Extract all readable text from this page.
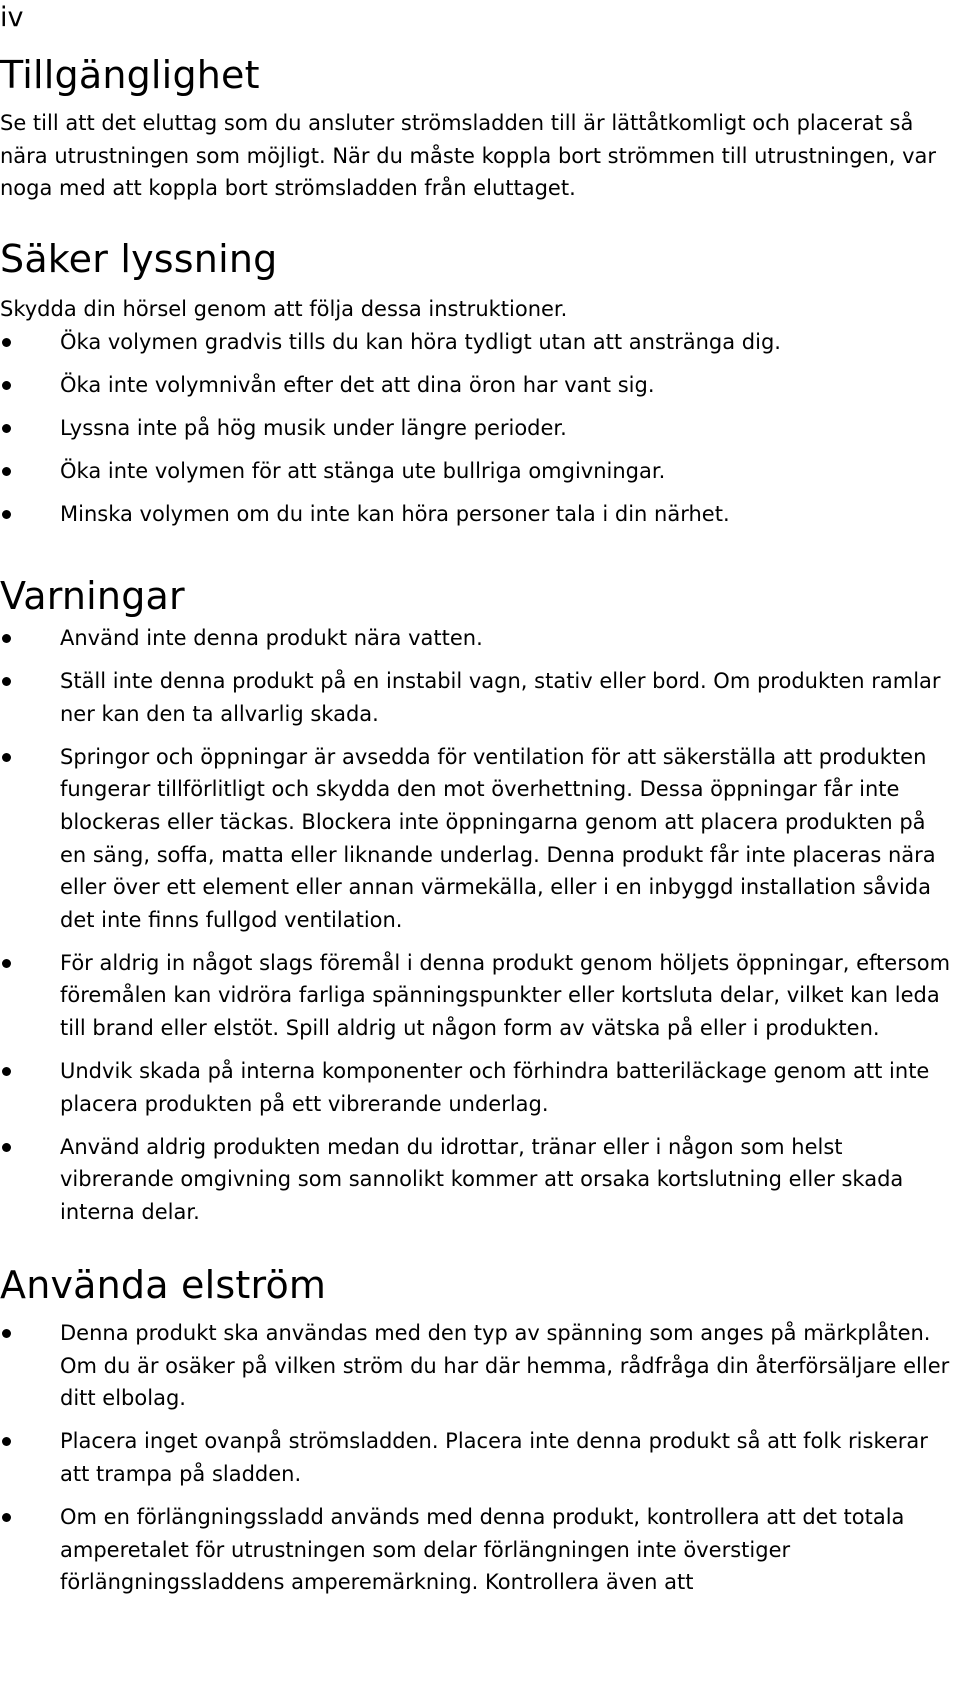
iv
Tillgänglighet

Se till att det eluttag som du ansluter strömsladden till är lättåtkomligt och placerat så nära utrustningen som möjligt. När du måste koppla bort strömmen till utrustningen, var noga med att koppla bort strömsladden från eluttaget.

Säker lyssning

Skydda din hörsel genom att följa dessa instruktioner.

Öka volymen gradvis tills du kan höra tydligt utan att anstränga dig.
Öka inte volymnivån efter det att dina öron har vant sig.
Lyssna inte på hög musik under längre perioder.
Öka inte volymen för att stänga ute bullriga omgivningar.
Minska volymen om du inte kan höra personer tala i din närhet.
Varningar
Använd inte denna produkt nära vatten.
Ställ inte denna produkt på en instabil vagn, stativ eller bord. Om produkten ramlar ner kan den ta allvarlig skada.
Springor och öppningar är avsedda för ventilation för att säkerställa att produkten fungerar tillförlitligt och skydda den mot överhettning. Dessa öppningar får inte blockeras eller täckas. Blockera inte öppningarna genom att placera produkten på en säng, soffa, matta eller liknande underlag. Denna produkt får inte placeras nära eller över ett element eller annan värmekälla, eller i en inbyggd installation såvida det inte finns fullgod ventilation.
För aldrig in något slags föremål i denna produkt genom höljets öppningar, eftersom föremålen kan vidröra farliga spänningspunkter eller kortsluta delar, vilket kan leda till brand eller elstöt. Spill aldrig ut någon form av vätska på eller i produkten.
Undvik skada på interna komponenter och förhindra batteriläckage genom att inte placera produkten på ett vibrerande underlag.
Använd aldrig produkten medan du idrottar, tränar eller i någon som helst vibrerande omgivning som sannolikt kommer att orsaka kortslutning eller skada interna delar.
Använda elström
Denna produkt ska användas med den typ av spänning som anges på märkplåten. Om du är osäker på vilken ström du har där hemma, rådfråga din återförsäljare eller ditt elbolag.
Placera inget ovanpå strömsladden. Placera inte denna produkt så att folk riskerar att trampa på sladden.
Om en förlängningssladd används med denna produkt, kontrollera att det totala amperetalet för utrustningen som delar förlängningen inte överstiger förlängningssladdens amperemärkning. Kontrollera även att
